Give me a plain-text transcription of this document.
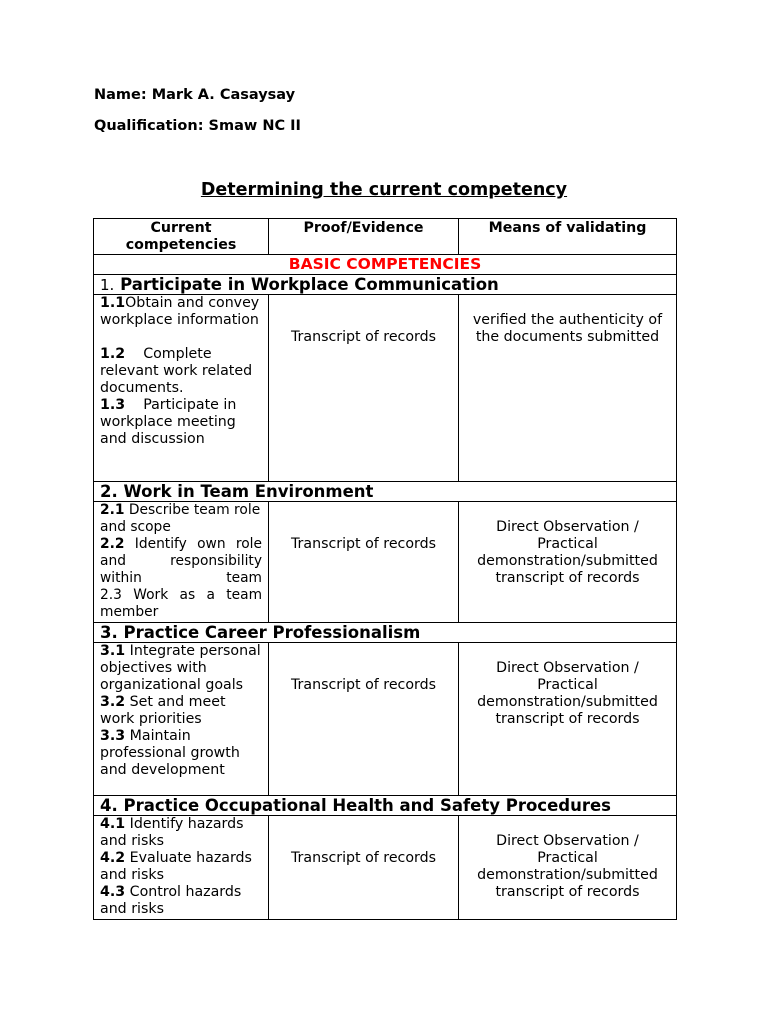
Name: Mark A. Casaysay

Qualification: Smaw NC II

Determining the current competency

Current competencies	Proof/Evidence	Means of validating
BASIC COMPETENCIES		
1. Participate in Workplace Communication		

1.1Obtain and convey workplace information

1.2 Complete relevant work related documents.

1.3 Participate in workplace meeting and discussion	Transcript of records	verified the authenticity of the documents submitted
2. Work in Team Environment		

2.1 Describe team role and scope

2.2 Identify own role and responsibility within team

2.3 Work as a team member	Transcript of records	Direct Observation / Practical demonstration/submitted transcript of records
3. Practice Career Professionalism		

3.1 Integrate personal objectives with organizational goals

3.2 Set and meet work priorities

3.3 Maintain professional growth and development	Transcript of records	Direct Observation / Practical demonstration/submitted transcript of records
4. Practice Occupational Health and Safety Procedures		

4.1 Identify hazards and risks

4.2 Evaluate hazards and risks

4.3 Control hazards and risks	Transcript of records	Direct Observation / Practical demonstration/submitted transcript of records
